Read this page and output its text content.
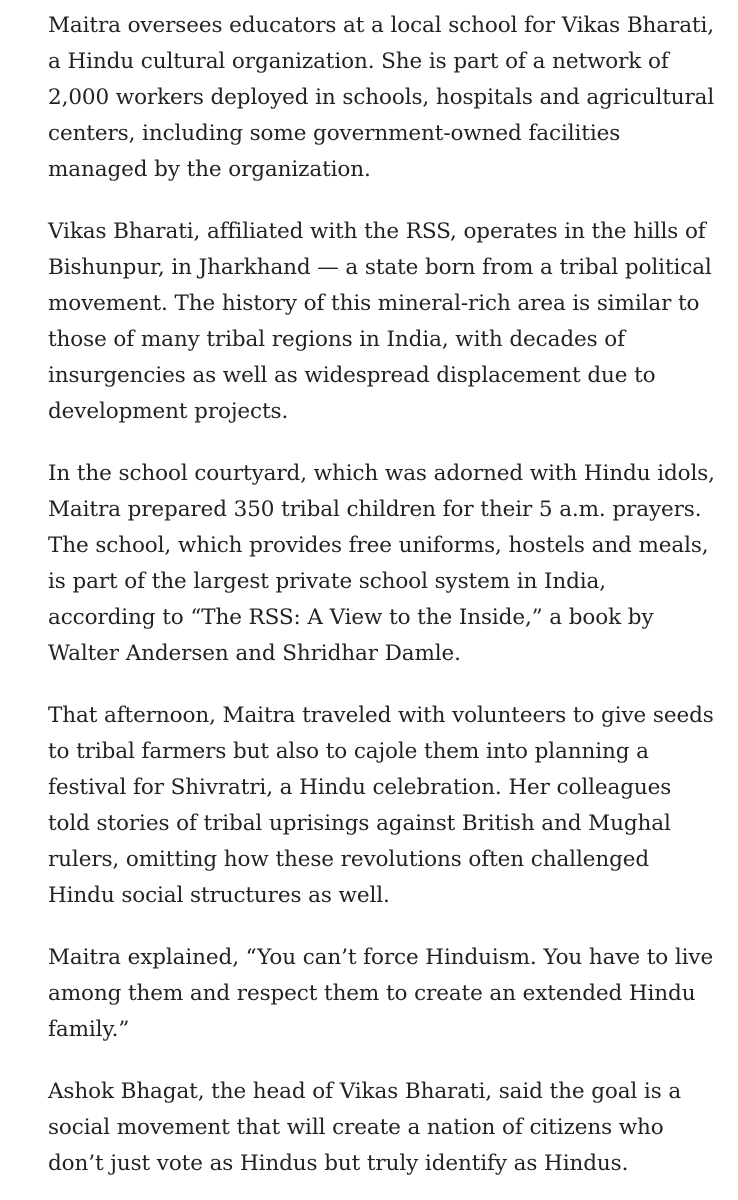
Maitra oversees educators at a local school for Vikas Bharati, a Hindu cultural organization. She is part of a network of 2,000 workers deployed in schools, hospitals and agricultural centers, including some government-owned facilities managed by the organization.

Vikas Bharati, affiliated with the RSS, operates in the hills of Bishunpur, in Jharkhand — a state born from a tribal political movement. The history of this mineral-rich area is similar to those of many tribal regions in India, with decades of insurgencies as well as widespread displacement due to development projects.

In the school courtyard, which was adorned with Hindu idols, Maitra prepared 350 tribal children for their 5 a.m. prayers. The school, which provides free uniforms, hostels and meals, is part of the largest private school system in India, according to “The RSS: A View to the Inside,” a book by Walter Andersen and Shridhar Damle.

That afternoon, Maitra traveled with volunteers to give seeds to tribal farmers but also to cajole them into planning a festival for Shivratri, a Hindu celebration. Her colleagues told stories of tribal uprisings against British and Mughal rulers, omitting how these revolutions often challenged Hindu social structures as well.

Maitra explained, “You can’t force Hinduism. You have to live among them and respect them to create an extended Hindu family.”

Ashok Bhagat, the head of Vikas Bharati, said the goal is a social movement that will create a nation of citizens who don’t just vote as Hindus but truly identify as Hindus.
